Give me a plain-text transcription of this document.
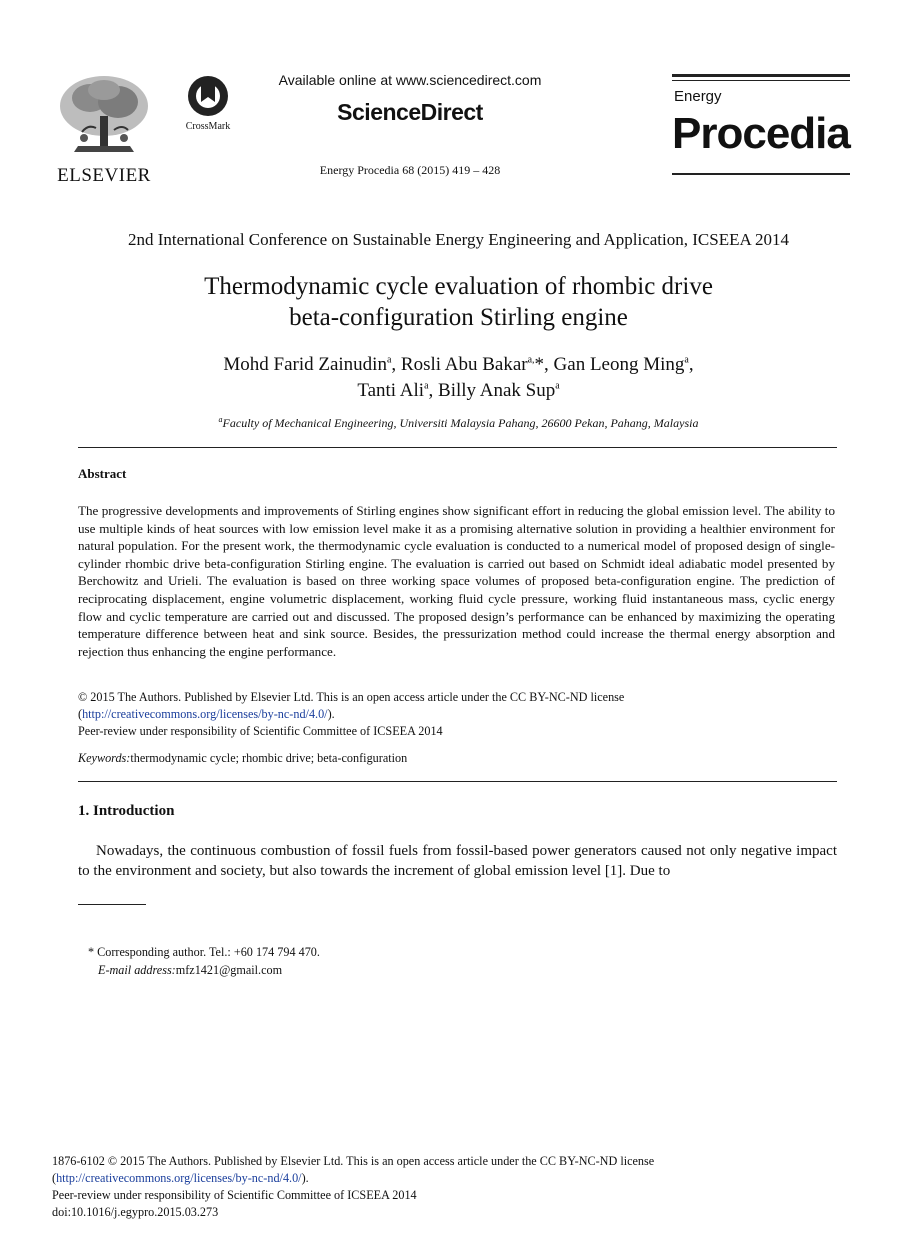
ELSEVIER
CrossMark
Available online at www.sciencedirect.com
ScienceDirect
Energy Procedia 68 (2015) 419 – 428
Energy
Procedia
2nd International Conference on Sustainable Energy Engineering and Application, ICSEEA 2014
Thermodynamic cycle evaluation of rhombic drive
beta-configuration Stirling engine
Mohd Farid Zainudin$^a$, Rosli Abu Bakar$^{a,}$*, Gan Leong Ming$^a$,
Tanti Ali$^a$, Billy Anak Sup$^a$
$^a$Faculty of Mechanical Engineering, Universiti Malaysia Pahang, 26600 Pekan, Pahang, Malaysia
Abstract
The progressive developments and improvements of Stirling engines show significant effort in reducing the global emission level. The ability to use multiple kinds of heat sources with low emission level make it as a promising alternative solution in providing a healthier environment for natural population. For the present work, the thermodynamic cycle evaluation is conducted to a numerical model of proposed design of single-cylinder rhombic drive beta-configuration Stirling engine. The evaluation is carried out based on Schmidt ideal adiabatic model presented by Berchowitz and Urieli. The evaluation is based on three working space volumes of proposed beta-configuration engine. The prediction of reciprocating displacement, engine volumetric displacement, working fluid cycle pressure, working fluid instantaneous mass, cyclic energy flow and cyclic temperature are carried out and discussed. The proposed design’s performance can be enhanced by maximizing the operating temperature difference between heat and sink source. Besides, the pressurization method could increase the thermal energy absorption and rejection thus enhancing the engine performance.
© 2015 The Authors. Published by Elsevier Ltd. This is an open access article under the CC BY-NC-ND license
(http://creativecommons.org/licenses/by-nc-nd/4.0/).
Peer-review under responsibility of Scientific Committee of ICSEEA 2014
Keywords:thermodynamic cycle; rhombic drive; beta-configuration
1. Introduction
Nowadays, the continuous combustion of fossil fuels from fossil-based power generators caused not only negative impact to the environment and society, but also towards the increment of global emission level [1]. Due to
* Corresponding author. Tel.: +60 174 794 470.
E-mail address:mfz1421@gmail.com
1876-6102 © 2015 The Authors. Published by Elsevier Ltd. This is an open access article under the CC BY-NC-ND license
(http://creativecommons.org/licenses/by-nc-nd/4.0/).
Peer-review under responsibility of Scientific Committee of ICSEEA 2014
doi:10.1016/j.egypro.2015.03.273
